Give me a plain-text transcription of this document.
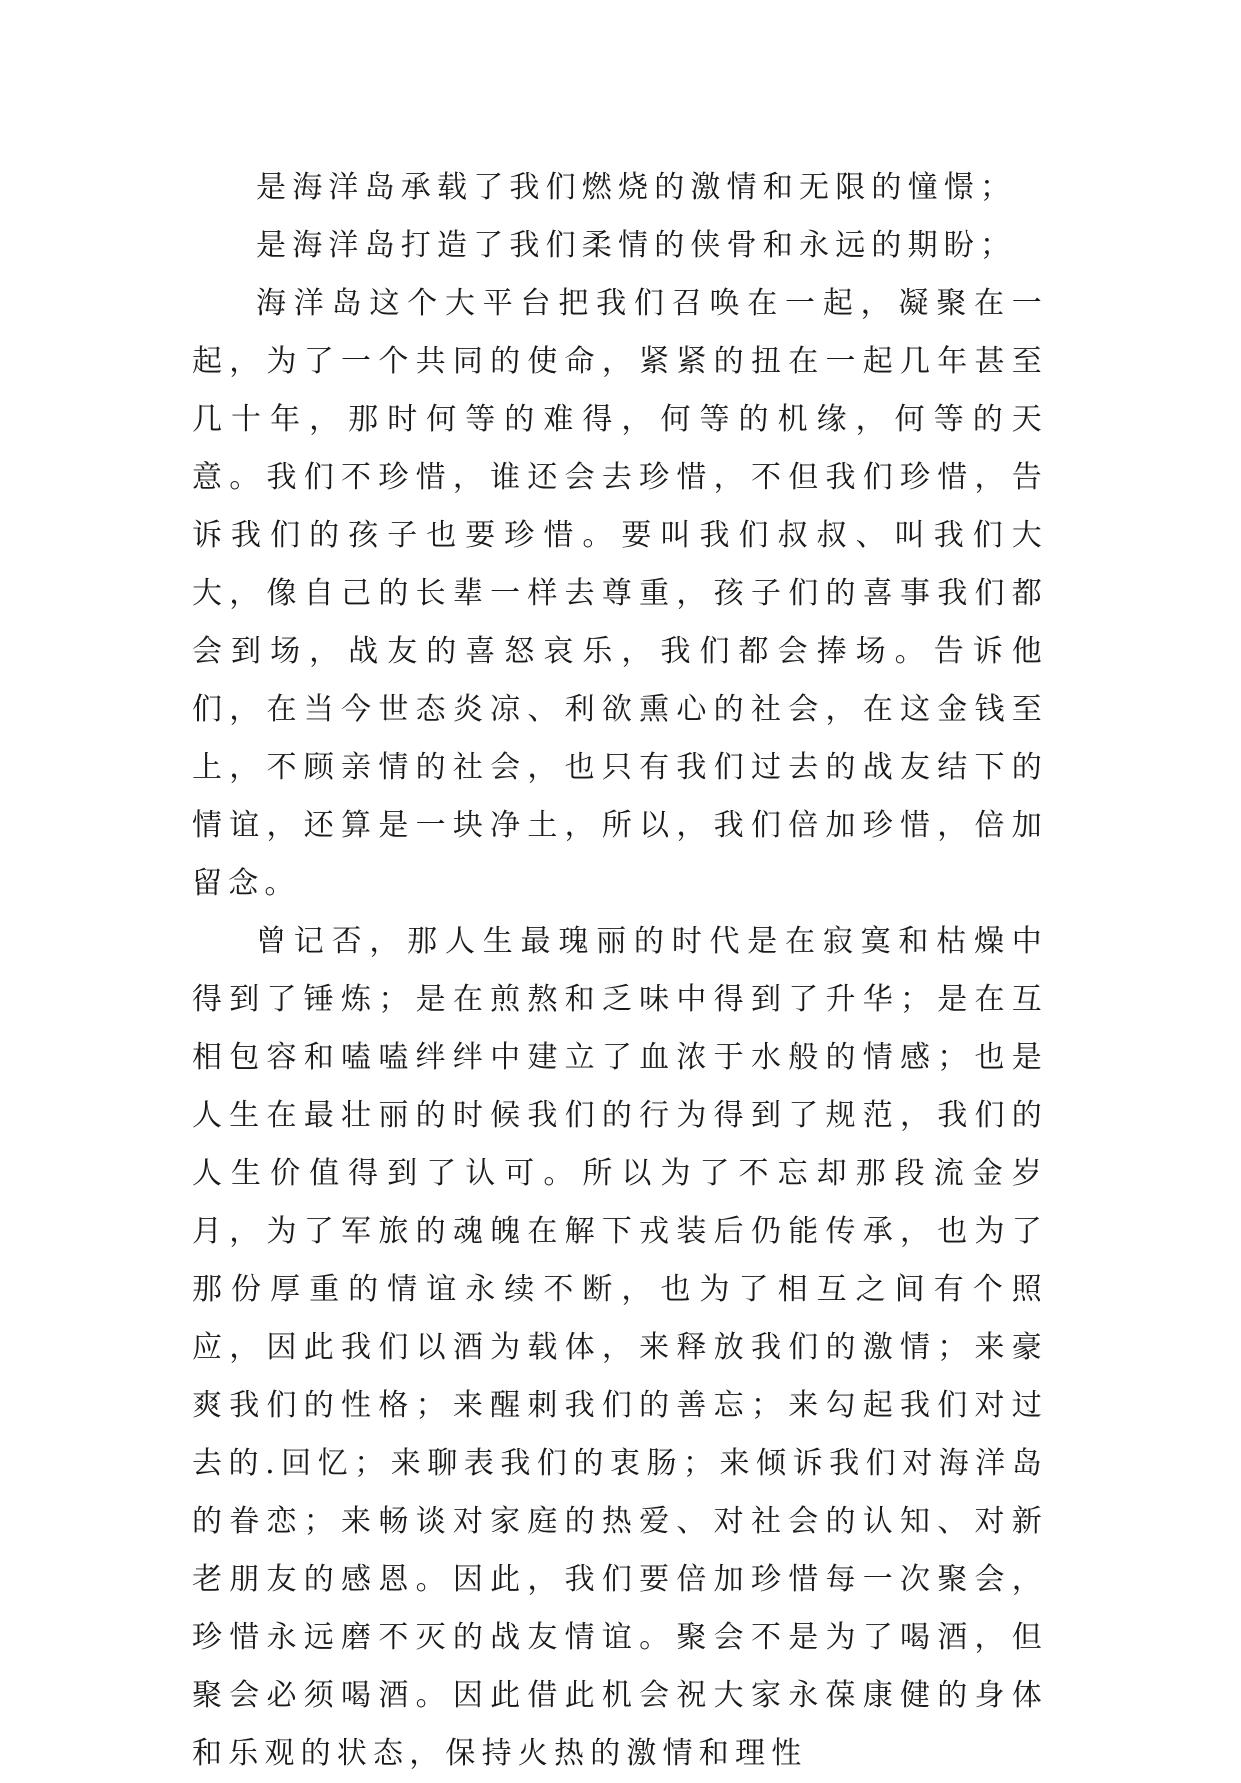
是海洋岛承载了我们燃烧的激情和无限的憧憬；

是海洋岛打造了我们柔情的侠骨和永远的期盼；

海洋岛这个大平台把我们召唤在一起，凝聚在一起，为了一个共同的使命，紧紧的扭在一起几年甚至几十年，那时何等的难得，何等的机缘，何等的天意。我们不珍惜，谁还会去珍惜，不但我们珍惜，告诉我们的孩子也要珍惜。要叫我们叔叔、叫我们大大，像自己的长辈一样去尊重，孩子们的喜事我们都会到场，战友的喜怒哀乐，我们都会捧场。告诉他们，在当今世态炎凉、利欲熏心的社会，在这金钱至上，不顾亲情的社会，也只有我们过去的战友结下的情谊，还算是一块净土，所以，我们倍加珍惜，倍加留念。

曾记否，那人生最瑰丽的时代是在寂寞和枯燥中得到了锤炼；是在煎熬和乏味中得到了升华；是在互相包容和嗑嗑绊绊中建立了血浓于水般的情感；也是人生在最壮丽的时候我们的行为得到了规范，我们的人生价值得到了认可。所以为了不忘却那段流金岁月，为了军旅的魂魄在解下戎装后仍能传承，也为了那份厚重的情谊永续不断，也为了相互之间有个照应，因此我们以酒为载体，来释放我们的激情；来豪爽我们的性格；来醒刺我们的善忘；来勾起我们对过去的.回忆；来聊表我们的衷肠；来倾诉我们对海洋岛的眷恋；来畅谈对家庭的热爱、对社会的认知、对新老朋友的感恩。因此，我们要倍加珍惜每一次聚会，珍惜永远磨不灭的战友情谊。聚会不是为了喝酒，但聚会必须喝酒。因此借此机会祝大家永葆康健的身体和乐观的状态，保持火热的激情和理性
